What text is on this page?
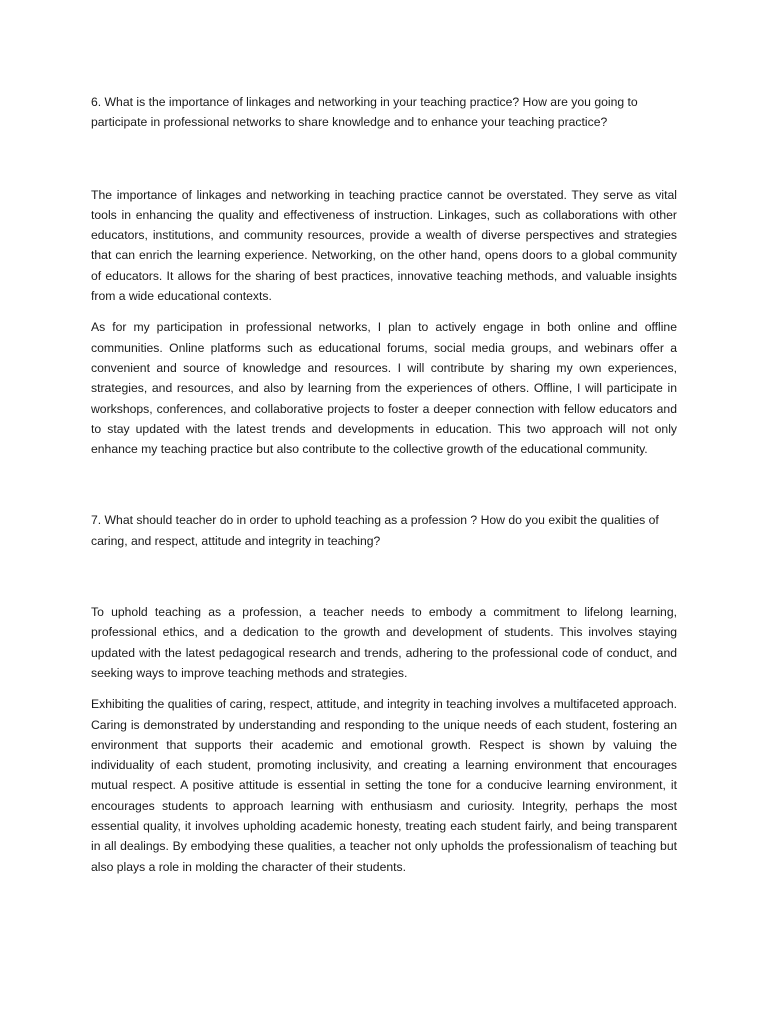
6. What is the importance of linkages and networking in your teaching practice? How are you going to participate in professional networks to share knowledge and to enhance your teaching practice?

The importance of linkages and networking in teaching practice cannot be overstated. They serve as vital tools in enhancing the quality and effectiveness of instruction. Linkages, such as collaborations with other educators, institutions, and community resources, provide a wealth of diverse perspectives and strategies that can enrich the learning experience. Networking, on the other hand, opens doors to a global community of educators. It allows for the sharing of best practices, innovative teaching methods, and valuable insights from a wide educational contexts.

As for my participation in professional networks, I plan to actively engage in both online and offline communities. Online platforms such as educational forums, social media groups, and webinars offer a convenient and source of knowledge and resources. I will contribute by sharing my own experiences, strategies, and resources, and also by learning from the experiences of others. Offline, I will participate in workshops, conferences, and collaborative projects to foster a deeper connection with fellow educators and to stay updated with the latest trends and developments in education. This two approach will not only enhance my teaching practice but also contribute to the collective growth of the educational community.

7. What should teacher do in order to uphold teaching as a profession ? How do you exibit the qualities of caring, and respect, attitude and integrity in teaching?

To uphold teaching as a profession, a teacher needs to embody a commitment to lifelong learning, professional ethics, and a dedication to the growth and development of students. This involves staying updated with the latest pedagogical research and trends, adhering to the professional code of conduct, and seeking ways to improve teaching methods and strategies.

Exhibiting the qualities of caring, respect, attitude, and integrity in teaching involves a multifaceted approach. Caring is demonstrated by understanding and responding to the unique needs of each student, fostering an environment that supports their academic and emotional growth. Respect is shown by valuing the individuality of each student, promoting inclusivity, and creating a learning environment that encourages mutual respect. A positive attitude is essential in setting the tone for a conducive learning environment, it encourages students to approach learning with enthusiasm and curiosity. Integrity, perhaps the most essential quality, it involves upholding academic honesty, treating each student fairly, and being transparent in all dealings. By embodying these qualities, a teacher not only upholds the professionalism of teaching but also plays a role in molding the character of their students.
